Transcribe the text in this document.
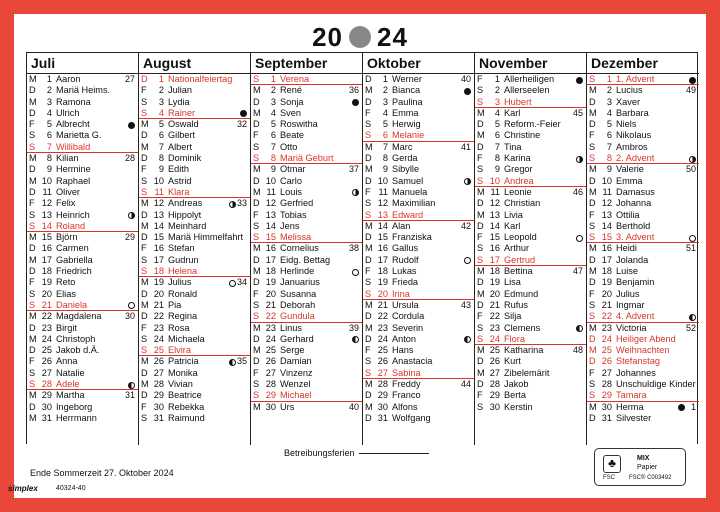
20 24
Juli
M	1 Aaron	27
D	2 Mariä Heims.
M	3 Ramona
D	4 Ulrich
F	5 Albrecht
S	6 Marietta G.
S	7 Willibald
M	8 Kilian	28
D	9 Hermine
M 10 Raphael
D 11 Oliver
F 12 Felix
S 13 Heinrich
S 14 Roland
M 15 Björn	29
D 16 Carmen
M 17 Gabriella
D 18 Friedrich
F 19 Reto
S 20 Elias
S 21 Daniela
M 22 Magdalena	30
D 23 Birgit
M 24 Christoph
D 25 Jakob d.Ä.
F 26 Anna
S 27 Natalie
S 28 Adele
M 29 Martha	31
D 30 Ingeborg
M 31 Herrmann
August
D	1 Nationalfeiertag
F	2 Julian
S	3 Lydia
S	4 Rainer
M	5 Oswald	32
D	6 Gilbert
M	7 Albert
D	8 Dominik
F	9 Edith
S 10 Astrid
S 11 Klara
M 12 Andreas	33
D 13 Hippolyt
M 14 Meinhard
D 15 Mariä Himmelfahrt
F 16 Stefan
S 17 Gudrun
S 18 Helena
M 19 Julius	34
D 20 Ronald
M 21 Pia
D 22 Regina
F 23 Rosa
S 24 Michaela
S 25 Elvira
M 26 Patricia	35
D 27 Monika
M 28 Vivian
D 29 Beatrice
F 30 Rebekka
S 31 Raimund
September
S	1 Verena
M	2 René	36
D	3 Sonja
M	4 Sven
D	5 Roswitha
F	6 Beate
S	7 Otto
S	8 Mariä Geburt
M	9 Otmar	37
D 10 Carlo
M 11 Louis
D 12 Gerfried
F 13 Tobias
S 14 Jens
S 15 Melissa
M 16 Cornelius	38
D 17 Eidg. Bettag
M 18 Herlinde
D 19 Januarius
F 20 Susanna
S 21 Deborah
S 22 Gundula
M 23 Linus	39
D 24 Gerhard
M 25 Serge
D 26 Damian
F 27 Vinzenz
S 28 Wenzel
S 29 Michael
M 30 Urs	40
Oktober
D	1 Werner	40
M	2 Bianca
D	3 Paulina
F	4 Emma
S	5 Herwig
S	6 Melanie
M	7 Marc	41
D	8 Gerda
M	9 Sibylle
D 10 Samuel
F 11 Manuela
S 12 Maximilian
S 13 Edward
M 14 Alan	42
D 15 Franziska
M 16 Gallus
D 17 Rudolf
F 18 Lukas
S 19 Frieda
S 20 Irina
M 21 Ursula	43
D 22 Cordula
M 23 Severin
D 24 Anton
F 25 Hans
S 26 Anastacia
S 27 Sabina
M 28 Freddy	44
D 29 Franco
M 30 Alfons
D 31 Wolfgang
November
F	1 Allerheiligen
S	2 Allerseelen
S	3 Hubert
M	4 Karl	45
D	5 Reform.-Feier
M	6 Christine
D	7 Tina
F	8 Karina
S	9 Gregor
S 10 Andrea
M 11 Leonie	46
D 12 Christian
M 13 Livia
D 14 Karl
F 15 Leopold
S 16 Arthur
S 17 Gertrud
M 18 Bettina	47
D 19 Lisa
M 20 Edmund
D 21 Rufus
F 22 Silja
S 23 Clemens
S 24 Flora
M 25 Katharina	48
D 26 Kurt
M 27 Zibelemärit
D 28 Jakob
F 29 Berta
S 30 Kerstin
Dezember
S	1 1. Advent
M	2 Lucius	49
D	3 Xaver
M	4 Barbara
D	5 Niels
F	6 Nikolaus
S	7 Ambros
S	8 2. Advent
M	9 Valerie	50
D 10 Emma
M 11 Damasus
D 12 Johanna
F 13 Ottilia
S 14 Berthold
S 15 3. Advent
M 16 Heidi	51
D 17 Jolanda
M 18 Luise
D 19 Benjamin
F 20 Julius
S 21 Ingmar
S 22 4. Advent
M 23 Victoria	52
D 24 Heiliger Abend
M 25 Weihnachten
D 26 Stefanstag
F 27 Johannes
S 28 Unschuldige Kinder
S 29 Tamara
M 30 Herma	1
D 31 Silvester
Betreibungsferien
Ende Sommerzeit 27. Oktober 2024
♣
FSC
MIX
Papier
FSC® C003492
simplex	40324-40
